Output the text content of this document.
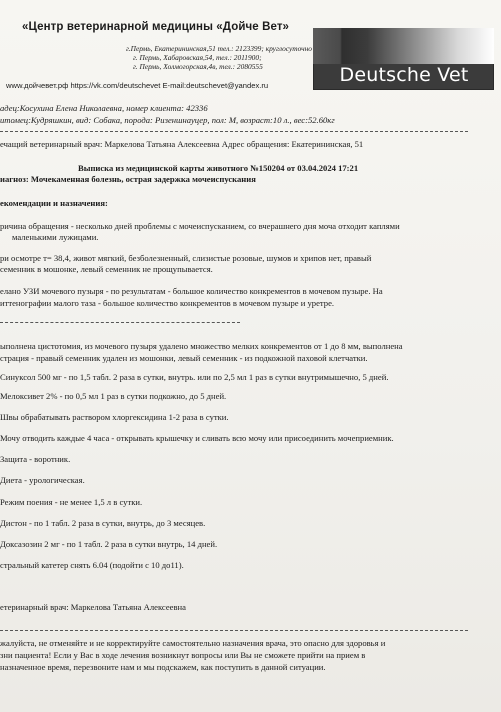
«Центр ветеринарной медицины «Дойче Вет»
г.Пермь, Екатерининская,51 тел.: 2123399; круглосуточно
г. Пермь, Хабаровская,54, тел.: 2011900;
г. Пермь, Холмогорская,4в, тел.: 2080555
www.дойчевет.рф https://vk.com/deutschevet E-mail:deutschevet@yandex.ru	Deutsche Vet
адец:Косухина Елена Николаевна, номер клиента: 42336
итомец:Кудряшкин, вид: Собака, порода: Ризеншнауцер, пол: М, возраст:10 л., вес:52.60кг
ечащий ветеринарный врач: Маркелова Татьяна Алексеевна Адрес обращения: Екатерининская, 51
Выписка из медицинской карты животного №150204 от 03.04.2024 17:21
иагноз: Мочекаменная болезнь, острая задержка мочеиспускания
екомендации и назначения:
ричина обращения - несколько дней проблемы с мочеиспусканием, со вчерашнего дня моча отходит каплями
маленькими лужицами.
ри осмотре т= 38,4, живот мягкий, безболезненный, слизистые розовые, шумов и хрипов нет, правый
семенник в мошонке, левый семенник не прощупывается.
елано УЗИ мочевого пузыря - по результатам - большое количество конкрементов в мочевом пузыре. На
иттенографии малого таза - большое количество конкрементов в мочевом пузыре и уретре.
ыполнена цистотомия, из мочевого пузыря удалено множество мелких конкрементов от 1 до 8 мм, выполнена
страция - правый семенник удален из мошонки, левый семенник - из подкожной паховой клетчатки.
Синуксол 500 мг - по 1,5 табл. 2 раза в сутки, внутрь. или по 2,5 мл 1 раз в сутки внутримышечно, 5 дней.
Мелоксивет 2% - по 0,5 мл 1 раз в сутки подкожно, до 5 дней.
Швы обрабатывать раствором хлоргексидина 1-2 раза в сутки.
Мочу отводить каждые 4 часа - открывать крышечку и сливать всю мочу или присоединить мочеприемник.
Защита - воротник.
Диета - урологическая.
Режим поения - не менее 1,5 л в сутки.
Дистон - по 1 табл. 2 раза в сутки, внутрь, до 3 месяцев.
Доксазозин 2 мг - по 1 табл. 2 раза в сутки внутрь, 14 дней.
стральный катетер снять 6.04 (подойти с 10 до11).
етеринарный врач: Маркелова Татьяна Алексеевна
жалуйста, не отменяйте и не корректируйте самостоятельно назначения врача, это опасно для здоровья и
зни пациента! Если у Вас в ходе лечения возникнут вопросы или Вы не сможете прийти на прием в
назначенное время, перезвоните нам и мы подскажем, как поступить в данной ситуации.
